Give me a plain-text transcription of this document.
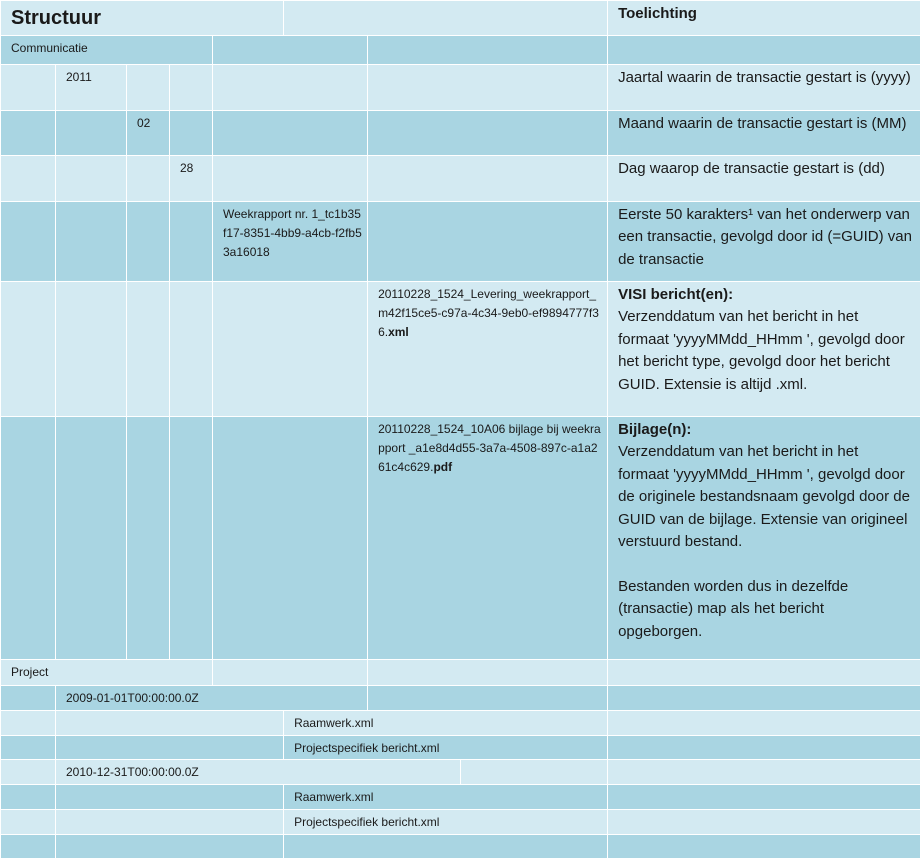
Structuur								Toelichting
Communicatie								
	2011							Jaartal waarin de transactie gestart is (yyyy)
		02						Maand waarin de transactie gestart is (MM)
			28					Dag waarop de transactie gestart is (dd)
				Weekrapport nr. 1_tc1b35f17-8351-4bb9-a4cb-f2fb53a16018				Eerste 50 karakters¹ van het onderwerp van een transactie, gevolgd door id (=GUID) van de transactie
						20110228_1524_Levering_weekrapport_m42f15ce5-c97a-4c34-9eb0-ef9894777f36.xml		VISI bericht(en):
Verzenddatum van het bericht in het formaat 'yyyyMMdd_HHmm ', gevolgd door het bericht type, gevolgd door het bericht GUID. Extensie is altijd .xml.
						20110228_1524_10A06 bijlage bij weekrapport _a1e8d4d55-3a7a-4508-897c-a1a261c4c629.pdf		Bijlage(n):
Verzenddatum van het bericht in het formaat 'yyyyMMdd_HHmm ', gevolgd door de originele bestandsnaam gevolgd door de GUID van de bijlage. Extensie van origineel verstuurd bestand.

Bestanden worden dus in dezelfde (transactie) map als het bericht opgeborgen.
Project								
	2009-01-01T00:00:00.0Z							
					Raamwerk.xml			
					Projectspecifiek bericht.xml			
	2010-12-31T00:00:00.0Z							
					Raamwerk.xml			
					Projectspecifiek bericht.xml			
